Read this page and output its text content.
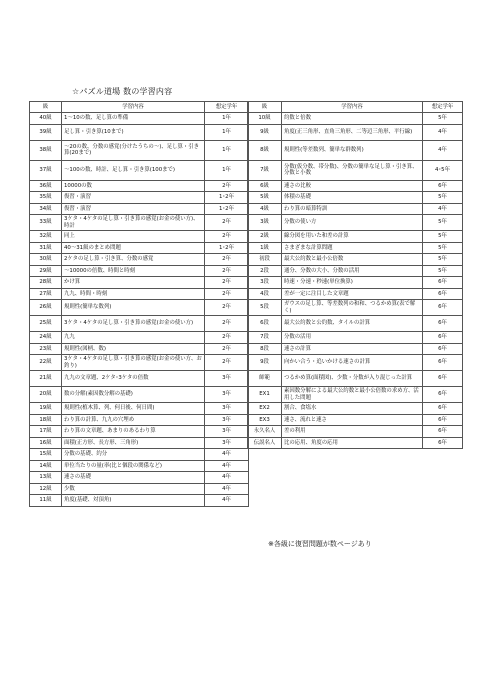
☆パズル道場 数の学習内容
級	学習内容	想定学年
40級	1～10の数、足し算の準備	1年
39級	足し算・引き算(10まで)	1年
38級	～20の数、分数の感覚(分けたうちの～)、足し算・引き算(20まで)	1年
37級	～100の数、時計、足し算・引き算(100まで)	1年
36級	10000の数	2年
35級	復習・演習	1･2年
34級	復習・演習	1･2年
33級	3ケタ・4ケタの足し算・引き算の感覚(お金の使い方)、時計	2年
32級	同上	2年
31級	40～31級のまとめ問題	1･2年
30級	2ケタの足し算・引き算、分数の感覚	2年
29級	～10000の倍数、時間と時刻	2年
28級	かけ算	2年
27級	九九、時間・時刻	2年
26級	規則性(簡単な数列)	2年
25級	3ケタ・4ケタの足し算・引き算の感覚(お金の使い方)	2年
24級	九九	2年
23級	規則性(図柄、数)	2年
22級	3ケタ・4ケタの足し算・引き算の感覚(お金の使い方、お釣り)	2年
21級	九九の文章題、2ケタ･3ケタの倍数	3年
20級	数の分解(素因数分解の基礎)	3年
19級	規則性(植木算、列、何日後、何日間)	3年
18級	わり算の計算、九九の穴埋め	3年
17級	わり算の文章題、あまりのあるわり算	3年
16級	面積(正方形、長方形、三角形)	3年
15級	分数の基礎、約分	4年
14級	単位当たりの量(率(比と個段の関係など)	4年
13級	速さの基礎	4年
12級	少数	4年
11級	角度(基礎、対頂角)	4年
級	学習内容	想定学年
10級	約数と倍数	5年
9級	角度(正三角形、直角三角形、二等辺三角形、平行線)	4年
8級	規則性(等差数列、簡単な群数列)	4年
7級	分数(仮分数、帯分数)、分数の簡単な足し算・引き算、分数と小数	4･5年
6級	速さの比較	6年
5級	体積の基礎	5年
4級	わり算の暗算特訓	4年
3級	分数の使い方	5年
2級	線分図を用いた和差の計算	5年
1級	さまざまな計算問題	5年
初段	最大公約数と最小公倍数	5年
2段	通分、分数の大小、分数の活用	5年
3段	時速・分速・秒速(単位換算)	6年
4段	差が一定に注目した文章題	6年
5段	ガウスの足し算、等差数列の和和、つるかめ算(表で解く)	6年
6段	最大公約数と公約数、タイルの計算	6年
7段	分数の活用	6年
8段	速さの計算	6年
9段	向かい合う・追いかける速さの計算	6年
師範	つるかめ算(面積図)、少数・分数が入り混じった計算	6年
EX1	素因数分解による最大公約数と最小公倍数の求め方、活用した問題	6年
EX2	割合、食塩水	6年
EX3	速さ、流れと速さ	6年
永久名人	差の利用	6年
伝説名人	比の応用、角度の応用	6年
※各級に復習問題が数ページあり
